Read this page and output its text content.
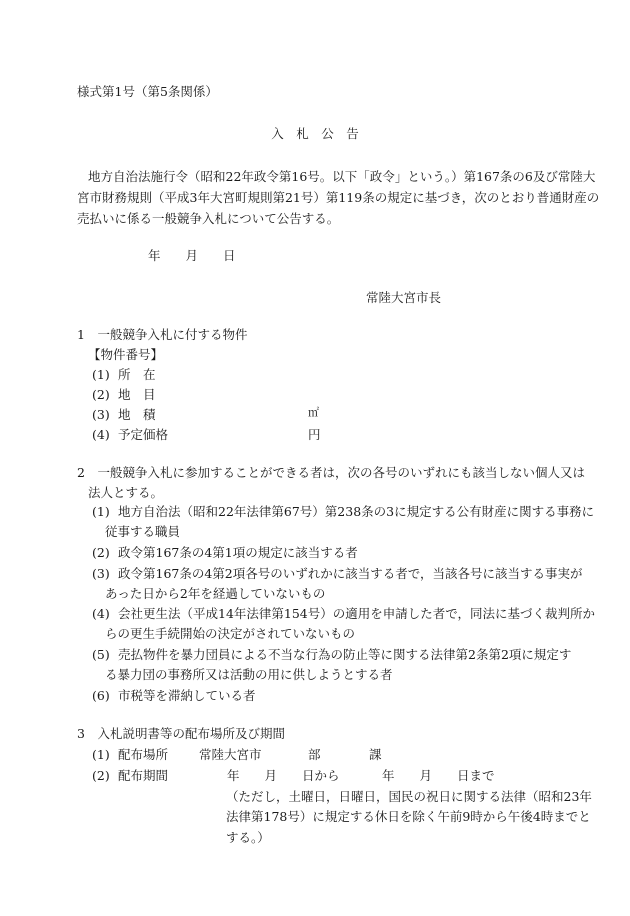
様式第1号（第5条関係）
入　札　公　告
地方自治法施行令（昭和22年政令第16号。以下「政令」という。）第167条の6及び常陸大
宮市財務規則（平成3年大宮町規則第21号）第119条の規定に基づき，次のとおり普通財産の
売払いに係る一般競争入札について公告する。
年　　月　　日
常陸大宮市長
1　一般競争入札に付する物件
【物件番号】
(1) 所　在
(2) 地　目
(3) 地　積	㎡
(4) 予定価格	円
2　一般競争入札に参加することができる者は，次の各号のいずれにも該当しない個人又は
法人とする。
(1) 地方自治法（昭和22年法律第67号）第238条の3に規定する公有財産に関する事務に
従事する職員
(2) 政令第167条の4第1項の規定に該当する者
(3) 政令第167条の4第2項各号のいずれかに該当する者で，当該各号に該当する事実が
あった日から2年を経過していないもの
(4) 会社更生法（平成14年法律第154号）の適用を申請した者で，同法に基づく裁判所か
らの更生手続開始の決定がされていないもの
(5) 売払物件を暴力団員による不当な行為の防止等に関する法律第2条第2項に規定す
る暴力団の事務所又は活動の用に供しようとする者
(6) 市税等を滞納している者
3　入札説明書等の配布場所及び期間
(1) 配布場所 常陸大宮市	部	課
(2) 配布期間	年　　月　　日から	年　　月　　日まで
（ただし，土曜日，日曜日，国民の祝日に関する法律（昭和23年
法律第178号）に規定する休日を除く午前9時から午後4時までと
する。）
